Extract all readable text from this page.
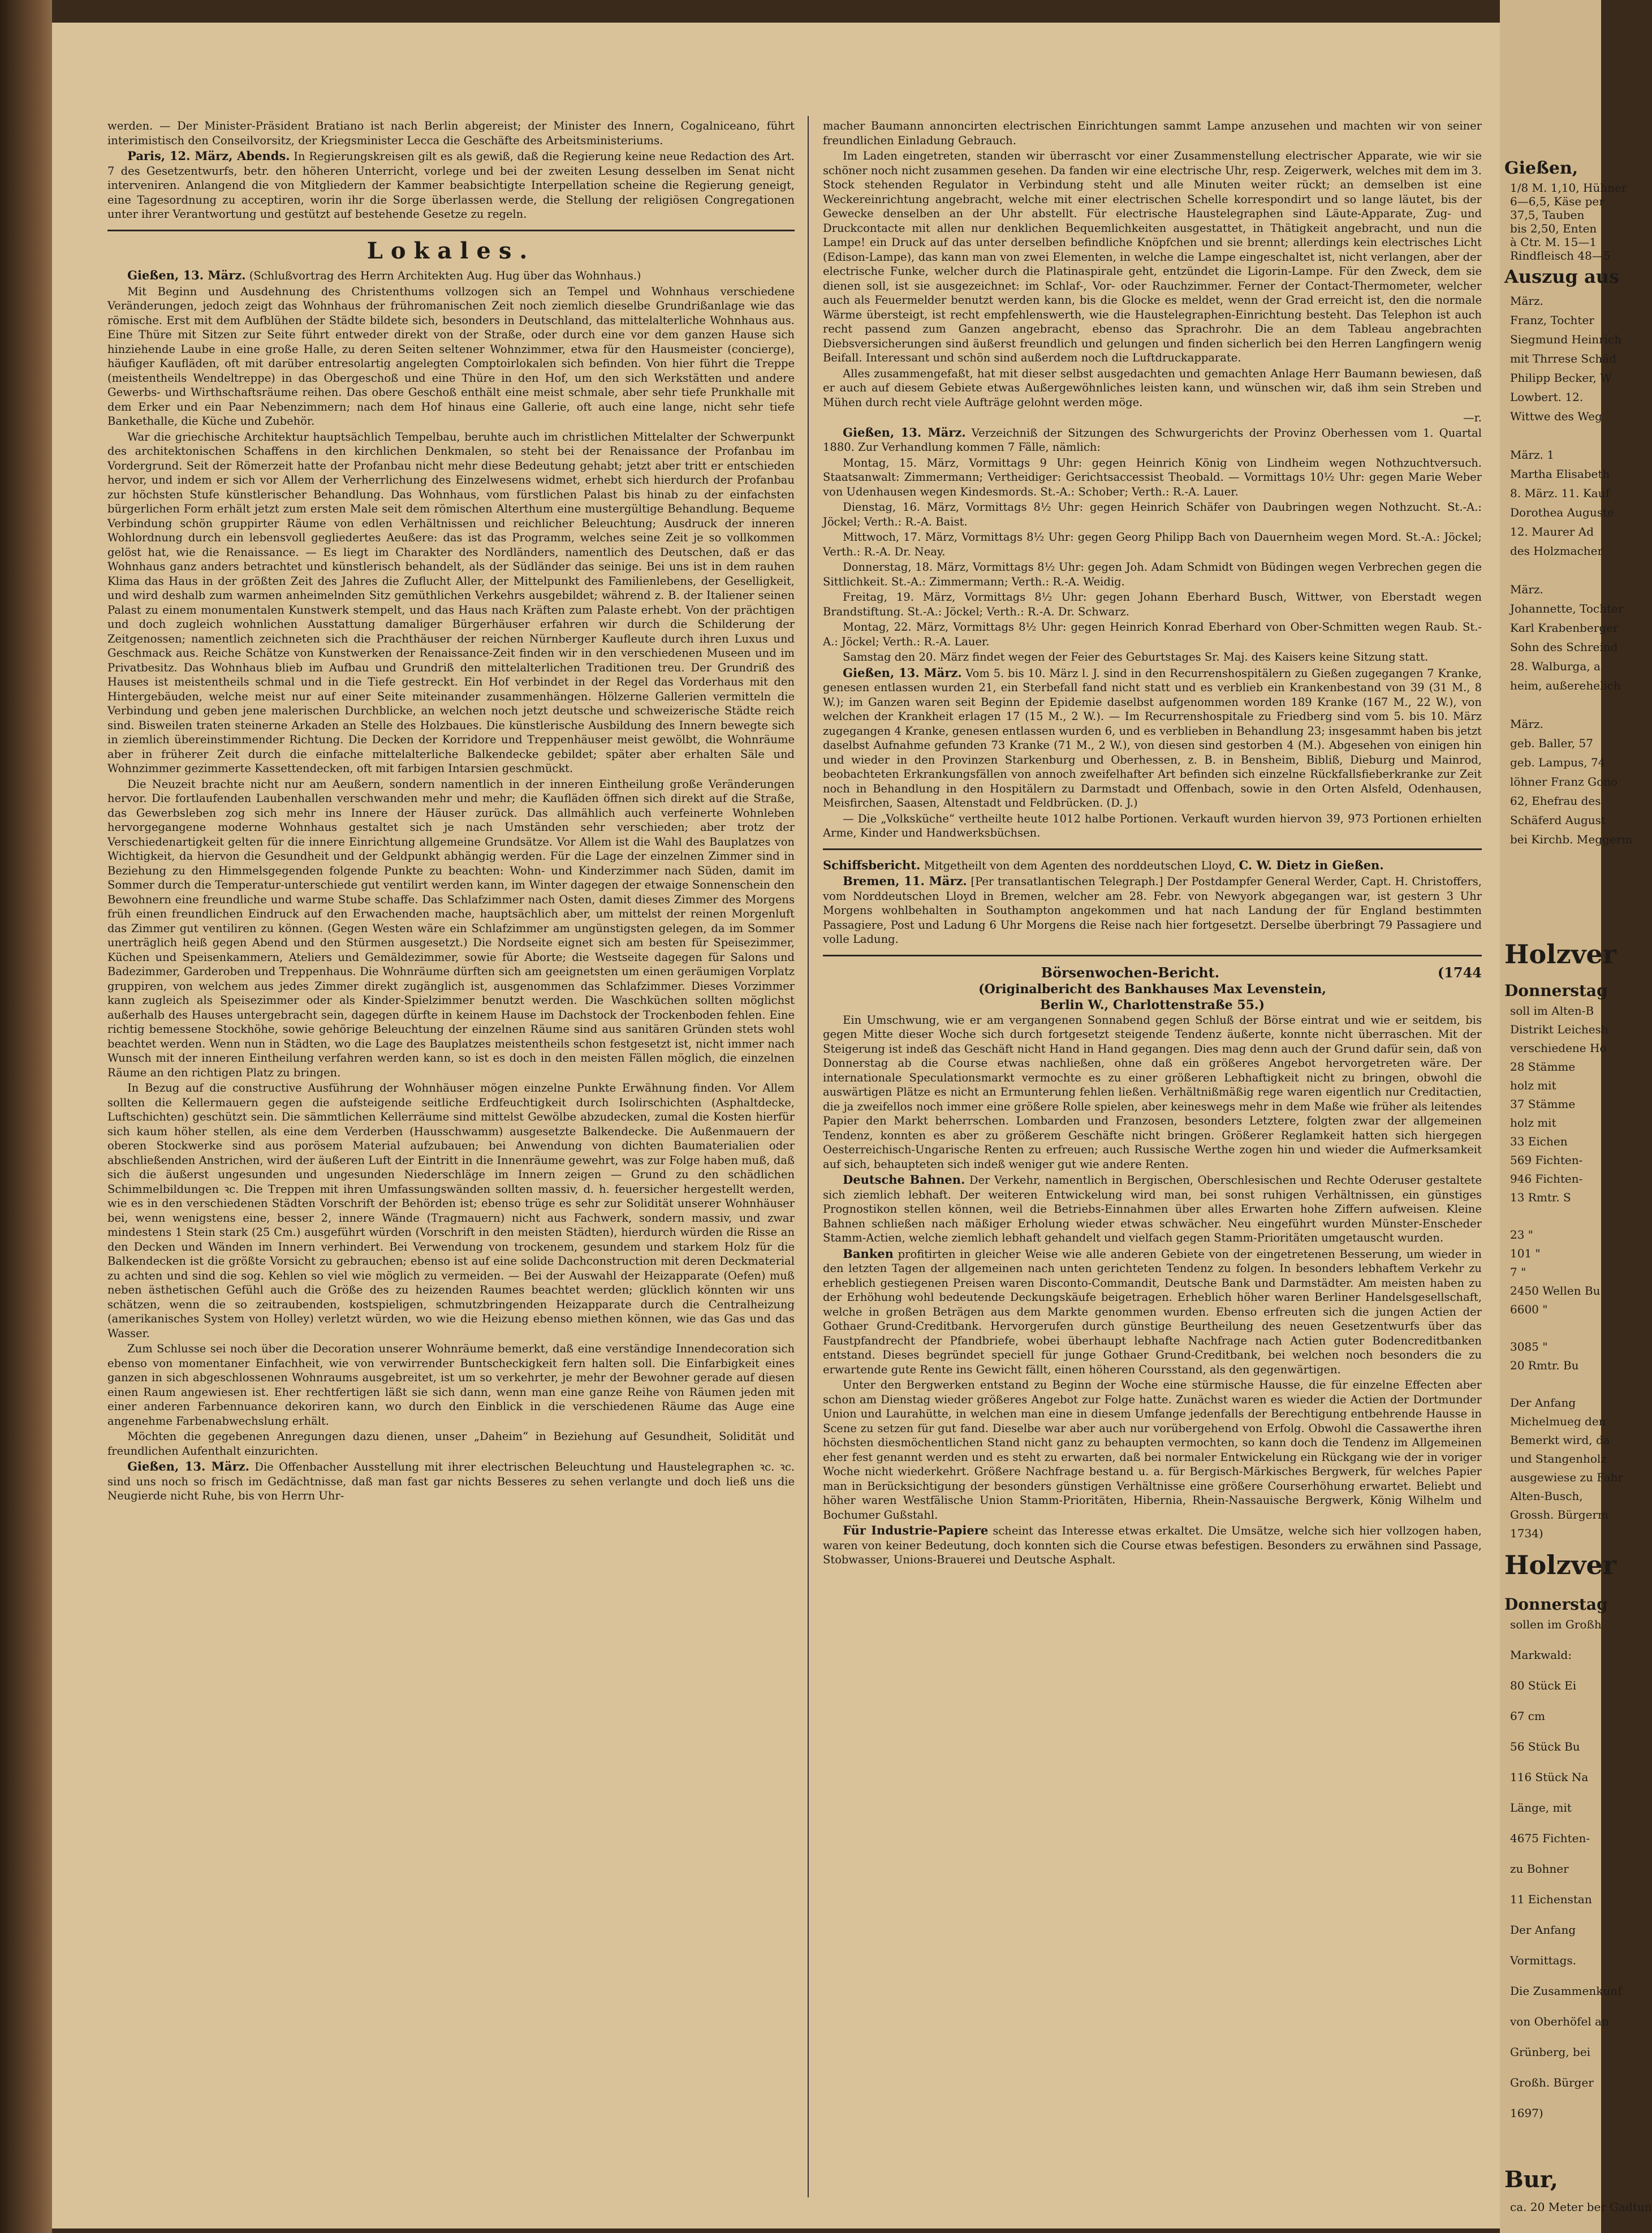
werden. — Der Minister-Präsident Bratiano ist nach Berlin abgereist; der Minister des Innern, Cogalniceano, führt interimistisch den Conseilvorsitz, der Kriegsminister Lecca die Geschäfte des Arbeitsministeriums.

Paris, 12. März, Abends. In Regierungskreisen gilt es als gewiß, daß die Regierung keine neue Redaction des Art. 7 des Gesetzentwurfs, betr. den höheren Unterricht, vorlege und bei der zweiten Lesung desselben im Senat nicht interveniren. Anlangend die von Mitgliedern der Kammer beabsichtigte Interpellation scheine die Regierung geneigt, eine Tagesordnung zu acceptiren, worin ihr die Sorge überlassen werde, die Stellung der religiösen Congregationen unter ihrer Verantwortung und gestützt auf bestehende Gesetze zu regeln.

Lokales.

Gießen, 13. März. (Schlußvortrag des Herrn Architekten Aug. Hug über das Wohnhaus.)

Mit Beginn und Ausdehnung des Christenthums vollzogen sich an Tempel und Wohnhaus verschiedene Veränderungen, jedoch zeigt das Wohnhaus der frühromanischen Zeit noch ziemlich dieselbe Grundrißanlage wie das römische. Erst mit dem Aufblühen der Städte bildete sich, besonders in Deutschland, das mittelalterliche Wohnhaus aus. Eine Thüre mit Sitzen zur Seite führt entweder direkt von der Straße, oder durch eine vor dem ganzen Hause sich hinziehende Laube in eine große Halle, zu deren Seiten seltener Wohnzimmer, etwa für den Hausmeister (concierge), häufiger Kaufläden, oft mit darüber entresolartig angelegten Comptoirlokalen sich befinden. Von hier führt die Treppe (meistentheils Wendeltreppe) in das Obergeschoß und eine Thüre in den Hof, um den sich Werkstätten und andere Gewerbs- und Wirthschaftsräume reihen. Das obere Geschoß enthält eine meist schmale, aber sehr tiefe Prunkhalle mit dem Erker und ein Paar Nebenzimmern; nach dem Hof hinaus eine Gallerie, oft auch eine lange, nicht sehr tiefe Bankethalle, die Küche und Zubehör.

War die griechische Architektur hauptsächlich Tempelbau, beruhte auch im christlichen Mittelalter der Schwerpunkt des architektonischen Schaffens in den kirchlichen Denkmalen, so steht bei der Renaissance der Profanbau im Vordergrund. Seit der Römerzeit hatte der Profanbau nicht mehr diese Bedeutung gehabt; jetzt aber tritt er entschieden hervor, und indem er sich vor Allem der Verherrlichung des Einzelwesens widmet, erhebt sich hierdurch der Profanbau zur höchsten Stufe künstlerischer Behandlung. Das Wohnhaus, vom fürstlichen Palast bis hinab zu der einfachsten bürgerlichen Form erhält jetzt zum ersten Male seit dem römischen Alterthum eine mustergültige Behandlung. Bequeme Verbindung schön gruppirter Räume von edlen Verhältnissen und reichlicher Beleuchtung; Ausdruck der inneren Wohlordnung durch ein lebensvoll gegliedertes Aeußere: das ist das Programm, welches seine Zeit je so vollkommen gelöst hat, wie die Renaissance. — Es liegt im Charakter des Nordländers, namentlich des Deutschen, daß er das Wohnhaus ganz anders betrachtet und künstlerisch behandelt, als der Südländer das seinige. Bei uns ist in dem rauhen Klima das Haus in der größten Zeit des Jahres die Zuflucht Aller, der Mittelpunkt des Familienlebens, der Geselligkeit, und wird deshalb zum warmen anheimelnden Sitz gemüthlichen Verkehrs ausgebildet; während z. B. der Italiener seinen Palast zu einem monumentalen Kunstwerk stempelt, und das Haus nach Kräften zum Palaste erhebt. Von der prächtigen und doch zugleich wohnlichen Ausstattung damaliger Bürgerhäuser erfahren wir durch die Schilderung der Zeitgenossen; namentlich zeichneten sich die Prachthäuser der reichen Nürnberger Kaufleute durch ihren Luxus und Geschmack aus. Reiche Schätze von Kunstwerken der Renaissance-Zeit finden wir in den verschiedenen Museen und im Privatbesitz. Das Wohnhaus blieb im Aufbau und Grundriß den mittelalterlichen Traditionen treu. Der Grundriß des Hauses ist meistentheils schmal und in die Tiefe gestreckt. Ein Hof verbindet in der Regel das Vorderhaus mit den Hintergebäuden, welche meist nur auf einer Seite miteinander zusammenhängen. Hölzerne Gallerien vermitteln die Verbindung und geben jene malerischen Durchblicke, an welchen noch jetzt deutsche und schweizerische Städte reich sind. Bisweilen traten steinerne Arkaden an Stelle des Holzbaues. Die künstlerische Ausbildung des Innern bewegte sich in ziemlich übereinstimmender Richtung. Die Decken der Korridore und Treppenhäuser meist gewölbt, die Wohnräume aber in früherer Zeit durch die einfache mittelalterliche Balkendecke gebildet; später aber erhalten Säle und Wohnzimmer gezimmerte Kassettendecken, oft mit farbigen Intarsien geschmückt.

Die Neuzeit brachte nicht nur am Aeußern, sondern namentlich in der inneren Eintheilung große Veränderungen hervor. Die fortlaufenden Laubenhallen verschwanden mehr und mehr; die Kaufläden öffnen sich direkt auf die Straße, das Gewerbsleben zog sich mehr ins Innere der Häuser zurück. Das allmählich auch verfeinerte Wohnleben hervorgegangene moderne Wohnhaus gestaltet sich je nach Umständen sehr verschieden; aber trotz der Verschiedenartigkeit gelten für die innere Einrichtung allgemeine Grundsätze. Vor Allem ist die Wahl des Bauplatzes von Wichtigkeit, da hiervon die Gesundheit und der Geldpunkt abhängig werden. Für die Lage der einzelnen Zimmer sind in Beziehung zu den Himmelsgegenden folgende Punkte zu beachten: Wohn- und Kinderzimmer nach Süden, damit im Sommer durch die Temperatur-unterschiede gut ventilirt werden kann, im Winter dagegen der etwaige Sonnenschein den Bewohnern eine freundliche und warme Stube schaffe. Das Schlafzimmer nach Osten, damit dieses Zimmer des Morgens früh einen freundlichen Eindruck auf den Erwachenden mache, hauptsächlich aber, um mittelst der reinen Morgenluft das Zimmer gut ventiliren zu können. (Gegen Westen wäre ein Schlafzimmer am ungünstigsten gelegen, da im Sommer unerträglich heiß gegen Abend und den Stürmen ausgesetzt.) Die Nordseite eignet sich am besten für Speisezimmer, Küchen und Speisenkammern, Ateliers und Gemäldezimmer, sowie für Aborte; die Westseite dagegen für Salons und Badezimmer, Garderoben und Treppenhaus. Die Wohnräume dürften sich am geeignetsten um einen geräumigen Vorplatz gruppiren, von welchem aus jedes Zimmer direkt zugänglich ist, ausgenommen das Schlafzimmer. Dieses Vorzimmer kann zugleich als Speisezimmer oder als Kinder-Spielzimmer benutzt werden. Die Waschküchen sollten möglichst außerhalb des Hauses untergebracht sein, dagegen dürfte in keinem Hause im Dachstock der Trockenboden fehlen. Eine richtig bemessene Stockhöhe, sowie gehörige Beleuchtung der einzelnen Räume sind aus sanitären Gründen stets wohl beachtet werden. Wenn nun in Städten, wo die Lage des Bauplatzes meistentheils schon festgesetzt ist, nicht immer nach Wunsch mit der inneren Eintheilung verfahren werden kann, so ist es doch in den meisten Fällen möglich, die einzelnen Räume an den richtigen Platz zu bringen.

In Bezug auf die constructive Ausführung der Wohnhäuser mögen einzelne Punkte Erwähnung finden. Vor Allem sollten die Kellermauern gegen die aufsteigende seitliche Erdfeuchtigkeit durch Isolirschichten (Asphaltdecke, Luftschichten) geschützt sein. Die sämmtlichen Kellerräume sind mittelst Gewölbe abzudecken, zumal die Kosten hierfür sich kaum höher stellen, als eine dem Verderben (Hausschwamm) ausgesetzte Balkendecke. Die Außenmauern der oberen Stockwerke sind aus porösem Material aufzubauen; bei Anwendung von dichten Baumaterialien oder abschließenden Anstrichen, wird der äußeren Luft der Eintritt in die Innenräume gewehrt, was zur Folge haben muß, daß sich die äußerst ungesunden und ungesunden Niederschläge im Innern zeigen — Grund zu den schädlichen Schimmelbildungen ꝛc. Die Treppen mit ihren Umfassungswänden sollten massiv, d. h. feuersicher hergestellt werden, wie es in den verschiedenen Städten Vorschrift der Behörden ist; ebenso trüge es sehr zur Solidität unserer Wohnhäuser bei, wenn wenigstens eine, besser 2, innere Wände (Tragmauern) nicht aus Fachwerk, sondern massiv, und zwar mindestens 1 Stein stark (25 Cm.) ausgeführt würden (Vorschrift in den meisten Städten), hierdurch würden die Risse an den Decken und Wänden im Innern verhindert. Bei Verwendung von trockenem, gesundem und starkem Holz für die Balkendecken ist die größte Vorsicht zu gebrauchen; ebenso ist auf eine solide Dachconstruction mit deren Deckmaterial zu achten und sind die sog. Kehlen so viel wie möglich zu vermeiden. — Bei der Auswahl der Heizapparate (Oefen) muß neben ästhetischen Gefühl auch die Größe des zu heizenden Raumes beachtet werden; glücklich könnten wir uns schätzen, wenn die so zeitraubenden, kostspieligen, schmutzbringenden Heizapparate durch die Centralheizung (amerikanisches System von Holley) verletzt würden, wo wie die Heizung ebenso miethen können, wie das Gas und das Wasser.

Zum Schlusse sei noch über die Decoration unserer Wohnräume bemerkt, daß eine verständige Innendecoration sich ebenso von momentaner Einfachheit, wie von verwirrender Buntscheckigkeit fern halten soll. Die Einfarbigkeit eines ganzen in sich abgeschlossenen Wohnraums ausgebreitet, ist um so verkehrter, je mehr der Bewohner gerade auf diesen einen Raum angewiesen ist. Eher rechtfertigen läßt sie sich dann, wenn man eine ganze Reihe von Räumen jeden mit einer anderen Farbennuance dekoriren kann, wo durch den Einblick in die verschiedenen Räume das Auge eine angenehme Farbenabwechslung erhält.

Möchten die gegebenen Anregungen dazu dienen, unser „Daheim“ in Beziehung auf Gesundheit, Solidität und freundlichen Aufenthalt einzurichten.

Gießen, 13. März. Die Offenbacher Ausstellung mit ihrer electrischen Beleuchtung und Haustelegraphen ꝛc. ꝛc. sind uns noch so frisch im Gedächtnisse, daß man fast gar nichts Besseres zu sehen verlangte und doch ließ uns die Neugierde nicht Ruhe, bis von Herrn Uhr-

macher Baumann annoncirten electrischen Einrichtungen sammt Lampe anzusehen und machten wir von seiner freundlichen Einladung Gebrauch.

Im Laden eingetreten, standen wir überrascht vor einer Zusammenstellung electrischer Apparate, wie wir sie schöner noch nicht zusammen gesehen. Da fanden wir eine electrische Uhr, resp. Zeigerwerk, welches mit dem im 3. Stock stehenden Regulator in Verbindung steht und alle Minuten weiter rückt; an demselben ist eine Weckereinrichtung angebracht, welche mit einer electrischen Schelle korrespondirt und so lange läutet, bis der Gewecke denselben an der Uhr abstellt. Für electrische Haustelegraphen sind Läute-Apparate, Zug- und Druckcontacte mit allen nur denklichen Bequemlichkeiten ausgestattet, in Thätigkeit angebracht, und nun die Lampe! ein Druck auf das unter derselben befindliche Knöpfchen und sie brennt; allerdings kein electrisches Licht (Edison-Lampe), das kann man von zwei Elementen, in welche die Lampe eingeschaltet ist, nicht verlangen, aber der electrische Funke, welcher durch die Platinaspirale geht, entzündet die Ligorin-Lampe. Für den Zweck, dem sie dienen soll, ist sie ausgezeichnet: im Schlaf-, Vor- oder Rauchzimmer. Ferner der Contact-Thermometer, welcher auch als Feuermelder benutzt werden kann, bis die Glocke es meldet, wenn der Grad erreicht ist, den die normale Wärme übersteigt, ist recht empfehlenswerth, wie die Haustelegraphen-Einrichtung besteht. Das Telephon ist auch recht passend zum Ganzen angebracht, ebenso das Sprachrohr. Die an dem Tableau angebrachten Diebsversicherungen sind äußerst freundlich und gelungen und finden sicherlich bei den Herren Langfingern wenig Beifall. Interessant und schön sind außerdem noch die Luftdruckapparate.

Alles zusammengefaßt, hat mit dieser selbst ausgedachten und gemachten Anlage Herr Baumann bewiesen, daß er auch auf diesem Gebiete etwas Außergewöhnliches leisten kann, und wünschen wir, daß ihm sein Streben und Mühen durch recht viele Aufträge gelohnt werden möge.

—r.

Gießen, 13. März. Verzeichniß der Sitzungen des Schwurgerichts der Provinz Oberhessen vom 1. Quartal 1880. Zur Verhandlung kommen 7 Fälle, nämlich:

Montag, 15. März, Vormittags 9 Uhr: gegen Heinrich König von Lindheim wegen Nothzuchtversuch. Staatsanwalt: Zimmermann; Vertheidiger: Gerichtsaccessist Theobald. — Vormittags 10½ Uhr: gegen Marie Weber von Udenhausen wegen Kindesmords. St.-A.: Schober; Verth.: R.-A. Lauer.

Dienstag, 16. März, Vormittags 8½ Uhr: gegen Heinrich Schäfer von Daubringen wegen Nothzucht. St.-A.: Jöckel; Verth.: R.-A. Baist.

Mittwoch, 17. März, Vormittags 8½ Uhr: gegen Georg Philipp Bach von Dauernheim wegen Mord. St.-A.: Jöckel; Verth.: R.-A. Dr. Neay.

Donnerstag, 18. März, Vormittags 8½ Uhr: gegen Joh. Adam Schmidt von Büdingen wegen Verbrechen gegen die Sittlichkeit. St.-A.: Zimmermann; Verth.: R.-A. Weidig.

Freitag, 19. März, Vormittags 8½ Uhr: gegen Johann Eberhard Busch, Wittwer, von Eberstadt wegen Brandstiftung. St.-A.: Jöckel; Verth.: R.-A. Dr. Schwarz.

Montag, 22. März, Vormittags 8½ Uhr: gegen Heinrich Konrad Eberhard von Ober-Schmitten wegen Raub. St.-A.: Jöckel; Verth.: R.-A. Lauer.

Samstag den 20. März findet wegen der Feier des Geburtstages Sr. Maj. des Kaisers keine Sitzung statt.

Gießen, 13. März. Vom 5. bis 10. März l. J. sind in den Recurrenshospitälern zu Gießen zugegangen 7 Kranke, genesen entlassen wurden 21, ein Sterbefall fand nicht statt und es verblieb ein Krankenbestand von 39 (31 M., 8 W.); im Ganzen waren seit Beginn der Epidemie daselbst aufgenommen worden 189 Kranke (167 M., 22 W.), von welchen der Krankheit erlagen 17 (15 M., 2 W.). — Im Recurrenshospitale zu Friedberg sind vom 5. bis 10. März zugegangen 4 Kranke, genesen entlassen wurden 6, und es verblieben in Behandlung 23; insgesammt haben bis jetzt daselbst Aufnahme gefunden 73 Kranke (71 M., 2 W.), von diesen sind gestorben 4 (M.). Abgesehen von einigen hin und wieder in den Provinzen Starkenburg und Oberhessen, z. B. in Bensheim, Bibliß, Dieburg und Mainrod, beobachteten Erkrankungsfällen von annoch zweifelhafter Art befinden sich einzelne Rückfallsfieberkranke zur Zeit noch in Behandlung in den Hospitälern zu Darmstadt und Offenbach, sowie in den Orten Alsfeld, Odenhausen, Meisfirchen, Saasen, Altenstadt und Feldbrücken. (D. J.)

— Die „Volksküche“ vertheilte heute 1012 halbe Portionen. Verkauft wurden hiervon 39, 973 Portionen erhielten Arme, Kinder und Handwerksbüchsen.

Schiffsbericht. Mitgetheilt von dem Agenten des norddeutschen Lloyd, C. W. Dietz in Gießen.

Bremen, 11. März. [Per transatlantischen Telegraph.] Der Postdampfer General Werder, Capt. H. Christoffers, vom Norddeutschen Lloyd in Bremen, welcher am 28. Febr. von Newyork abgegangen war, ist gestern 3 Uhr Morgens wohlbehalten in Southampton angekommen und hat nach Landung der für England bestimmten Passagiere, Post und Ladung 6 Uhr Morgens die Reise nach hier fortgesetzt. Derselbe überbringt 79 Passagiere und volle Ladung.

Börsenwochen-Bericht.	(1744
(Originalbericht des Bankhauses Max Levenstein,
Berlin W., Charlottenstraße 55.)

Ein Umschwung, wie er am vergangenen Sonnabend gegen Schluß der Börse eintrat und wie er seitdem, bis gegen Mitte dieser Woche sich durch fortgesetzt steigende Tendenz äußerte, konnte nicht überraschen. Mit der Steigerung ist indeß das Geschäft nicht Hand in Hand gegangen. Dies mag denn auch der Grund dafür sein, daß von Donnerstag ab die Course etwas nachließen, ohne daß ein größeres Angebot hervorgetreten wäre. Der internationale Speculationsmarkt vermochte es zu einer größeren Lebhaftigkeit nicht zu bringen, obwohl die auswärtigen Plätze es nicht an Ermunterung fehlen ließen. Verhältnißmäßig rege waren eigentlich nur Creditactien, die ja zweifellos noch immer eine größere Rolle spielen, aber keineswegs mehr in dem Maße wie früher als leitendes Papier den Markt beherrschen. Lombarden und Franzosen, besonders Letztere, folgten zwar der allgemeinen Tendenz, konnten es aber zu größerem Geschäfte nicht bringen. Größerer Reglamkeit hatten sich hiergegen Oesterreichisch-Ungarische Renten zu erfreuen; auch Russische Werthe zogen hin und wieder die Aufmerksamkeit auf sich, behaupteten sich indeß weniger gut wie andere Renten.

Deutsche Bahnen. Der Verkehr, namentlich in Bergischen, Oberschlesischen und Rechte Oderuser gestaltete sich ziemlich lebhaft. Der weiteren Entwickelung wird man, bei sonst ruhigen Verhältnissen, ein günstiges Prognostikon stellen können, weil die Betriebs-Einnahmen über alles Erwarten hohe Ziffern aufweisen. Kleine Bahnen schließen nach mäßiger Erholung wieder etwas schwächer. Neu eingeführt wurden Münster-Enscheder Stamm-Actien, welche ziemlich lebhaft gehandelt und vielfach gegen Stamm-Prioritäten umgetauscht wurden.

Banken profitirten in gleicher Weise wie alle anderen Gebiete von der eingetretenen Besserung, um wieder in den letzten Tagen der allgemeinen nach unten gerichteten Tendenz zu folgen. In besonders lebhaftem Verkehr zu erheblich gestiegenen Preisen waren Disconto-Commandit, Deutsche Bank und Darmstädter. Am meisten haben zu der Erhöhung wohl bedeutende Deckungskäufe beigetragen. Erheblich höher waren Berliner Handelsgesellschaft, welche in großen Beträgen aus dem Markte genommen wurden. Ebenso erfreuten sich die jungen Actien der Gothaer Grund-Creditbank. Hervorgerufen durch günstige Beurtheilung des neuen Gesetzentwurfs über das Faustpfandrecht der Pfandbriefe, wobei überhaupt lebhafte Nachfrage nach Actien guter Bodencreditbanken entstand. Dieses begründet speciell für junge Gothaer Grund-Creditbank, bei welchen noch besonders die zu erwartende gute Rente ins Gewicht fällt, einen höheren Coursstand, als den gegenwärtigen.

Unter den Bergwerken entstand zu Beginn der Woche eine stürmische Hausse, die für einzelne Effecten aber schon am Dienstag wieder größeres Angebot zur Folge hatte. Zunächst waren es wieder die Actien der Dortmunder Union und Laurahütte, in welchen man eine in diesem Umfange jedenfalls der Berechtigung entbehrende Hausse in Scene zu setzen für gut fand. Dieselbe war aber auch nur vorübergehend von Erfolg. Obwohl die Cassawerthe ihren höchsten diesmöchentlichen Stand nicht ganz zu behaupten vermochten, so kann doch die Tendenz im Allgemeinen eher fest genannt werden und es steht zu erwarten, daß bei normaler Entwickelung ein Rückgang wie der in voriger Woche nicht wiederkehrt. Größere Nachfrage bestand u. a. für Bergisch-Märkisches Bergwerk, für welches Papier man in Berücksichtigung der besonders günstigen Verhältnisse eine größere Courserhöhung erwartet. Beliebt und höher waren Westfälische Union Stamm-Prioritäten, Hibernia, Rhein-Nassauische Bergwerk, König Wilhelm und Bochumer Gußstahl.

Für Industrie-Papiere scheint das Interesse etwas erkaltet. Die Umsätze, welche sich hier vollzogen haben, waren von keiner Bedeutung, doch konnten sich die Course etwas befestigen. Besonders zu erwähnen sind Passage, Stobwasser, Unions-Brauerei und Deutsche Asphalt.

Gießen,
1/8 M. 1,10, Hühner
6—6,5, Käse per
37,5, Tauben
bis 2,50, Enten
à Ctr. M. 15—1
Rindfleisch 48—5
Auszug aus
März.
Franz, Tochter
Siegmund Heinrich
mit Thrrese Schäd
Philipp Becker, W
Lowbert. 12.
Wittwe des Weg
März. 1
Martha Elisabeth
8. März. 11. Kauf
Dorothea Auguste
12. Maurer Ad
des Holzmacher
März.
Johannette, Tochter
Karl Krabenberger
Sohn des Schreind
28. Walburga, a
heim, außerehelich
März.
geb. Baller, 57
geb. Lampus, 74
löhner Franz Gono
62, Ehefrau des
Schäferd August
bei Kirchb. Meggerm
Holzver
Donnerstag
soll im Alten-B
Distrikt Leichesh
verschiedene Ho
28 Stämme
holz mit
37 Stämme
holz mit
33 Eichen
569 Fichten-
946 Fichten-
13 Rmtr. S
23 "
101 "
7 "
2450 Wellen Bu
6600 "
3085 "
20 Rmtr. Bu
Der Anfang
Michelmueg den
Bemerkt wird, da
und Stangenholz
ausgewiese zu Fahr
Alten-Busch,
Grossh. Bürgerm
1734)
Holzver
Donnerstag
sollen im Großh
Markwald:
80 Stück Ei
67 cm
56 Stück Bu
116 Stück Na
Länge, mit
4675 Fichten-
zu Bohner
11 Eichenstan
Der Anfang
Vormittags.
Die Zusammenkunf
von Oberhöfel an
Grünberg, bei
Großh. Bürger
1697)
Bur,
ca. 20 Meter ber Gadtun
